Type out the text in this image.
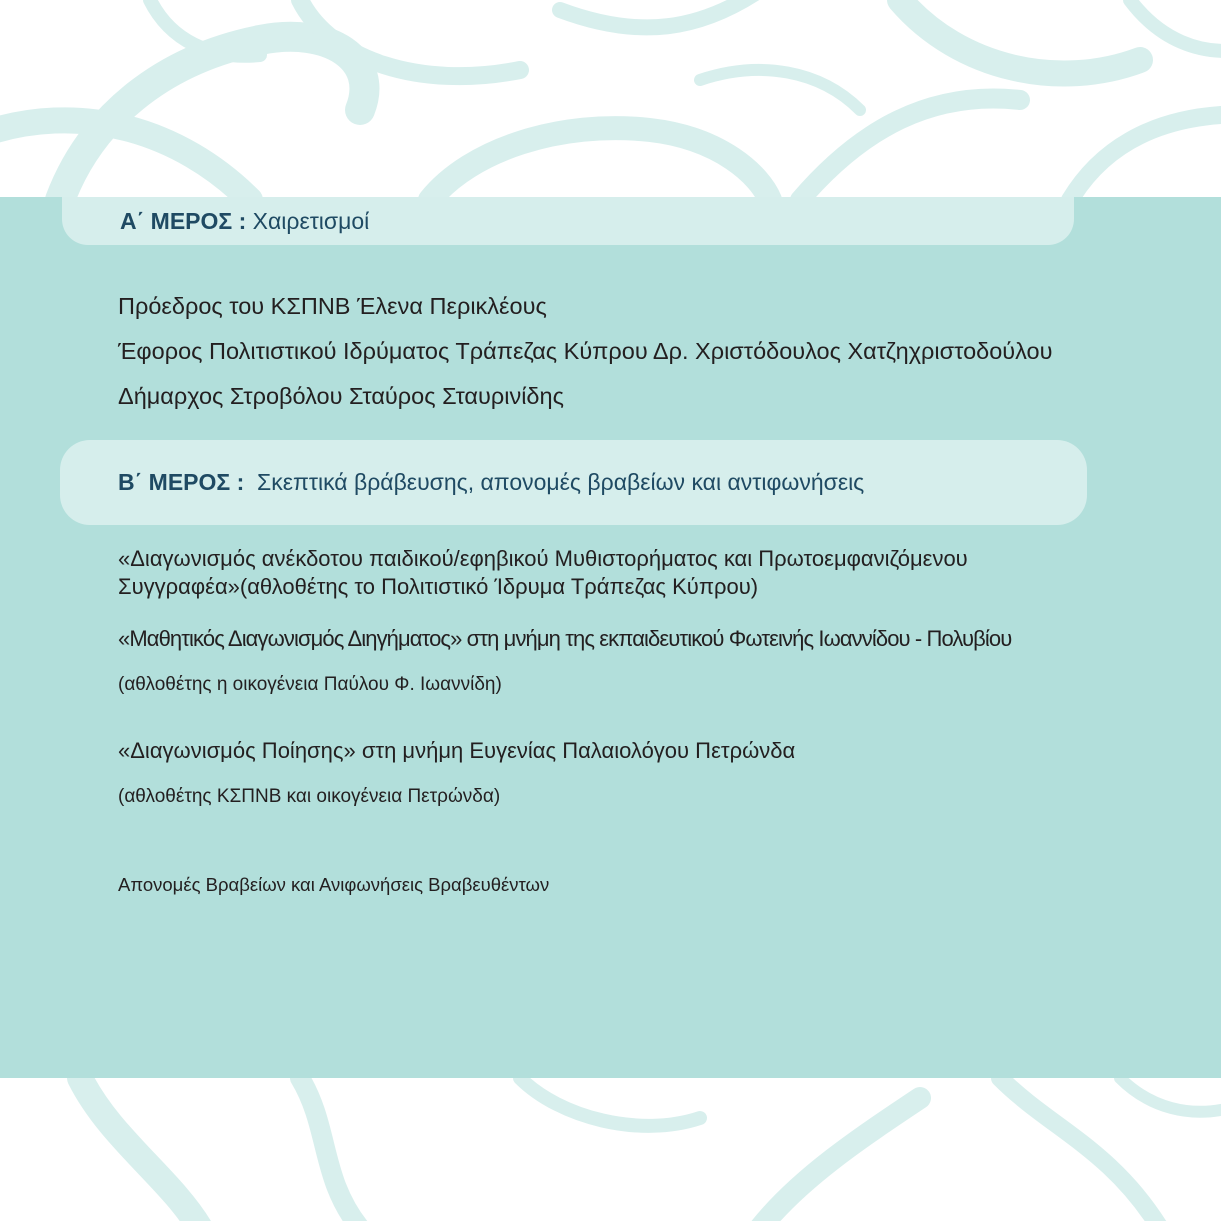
Α΄ ΜΕΡΟΣ : Χαιρετισμοί
Πρόεδρος του ΚΣΠΝΒ Έλενα Περικλέους
Έφορος Πολιτιστικού Ιδρύματος Τράπεζας Κύπρου Δρ. Χριστόδουλος Χατζηχριστοδούλου
Δήμαρχος Στροβόλου Σταύρος Σταυρινίδης
Β΄ ΜΕΡΟΣ : Σκεπτικά βράβευσης, απονομές βραβείων και αντιφωνήσεις
«Διαγωνισμός ανέκδοτου παιδικού/εφηβικού Μυθιστορήματος και Πρωτοεμφανιζόμενου
Συγγραφέα»(αθλοθέτης το Πολιτιστικό Ίδρυμα Τράπεζας Κύπρου)
«Μαθητικός Διαγωνισμός Διηγήματος» στη μνήμη της εκπαιδευτικού Φωτεινής Ιωαννίδου - Πολυβίου
(αθλοθέτης η οικογένεια Παύλου Φ. Ιωαννίδη)
«Διαγωνισμός Ποίησης» στη μνήμη Ευγενίας Παλαιολόγου Πετρώνδα
(αθλοθέτης ΚΣΠΝΒ και οικογένεια Πετρώνδα)
Απονομές Βραβείων και Ανιφωνήσεις Βραβευθέντων
